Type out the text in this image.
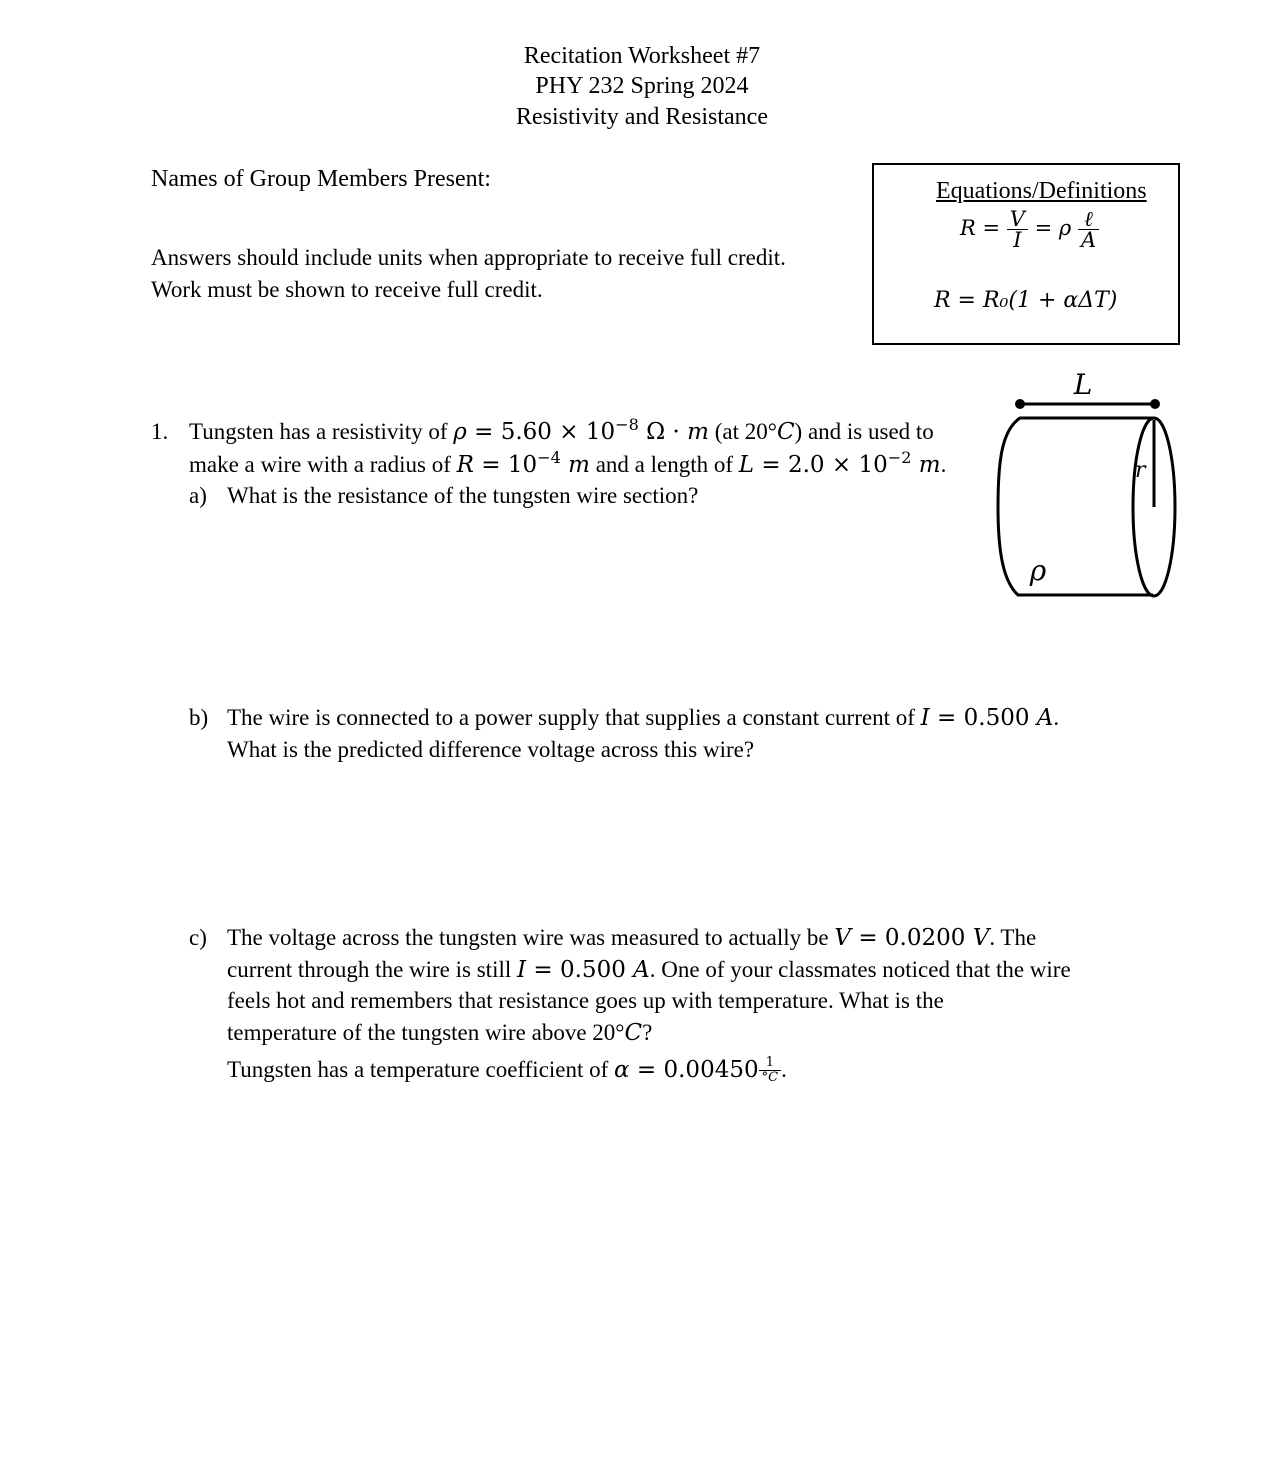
Recitation Worksheet #7
PHY 232 Spring 2024
Resistivity and Resistance
Names of Group Members Present:
Answers should include units when appropriate to receive full credit.
Work must be shown to receive full credit.
Equations/Definitions
$R = \frac{V}{I} = \rho \frac{\text{ℓ}}{A}$
R = R₀(1 + αΔT)
L
r
ρ
1. Tungsten has a resistivity of $\rho = 5.60 \times 10^{-8}$ Ω · m (at 20°C) and is used to
make a wire with a radius of $R = 10^{-4}$ m and a length of $L = 2.0 \times 10^{-2}$ m.
a) What is the resistance of the tungsten wire section?
b) The wire is connected to a power supply that supplies a constant current of I = 0.500 A.
What is the predicted difference voltage across this wire?
c) The voltage across the tungsten wire was measured to actually be V = 0.0200 V. The
current through the wire is still I = 0.500 A. One of your classmates noticed that the wire
feels hot and remembers that resistance goes up with temperature. What is the
temperature of the tungsten wire above 20°C?
Tungsten has a temperature coefficient of $\alpha = 0.00450 \frac{1}{^\circ C}$ .
